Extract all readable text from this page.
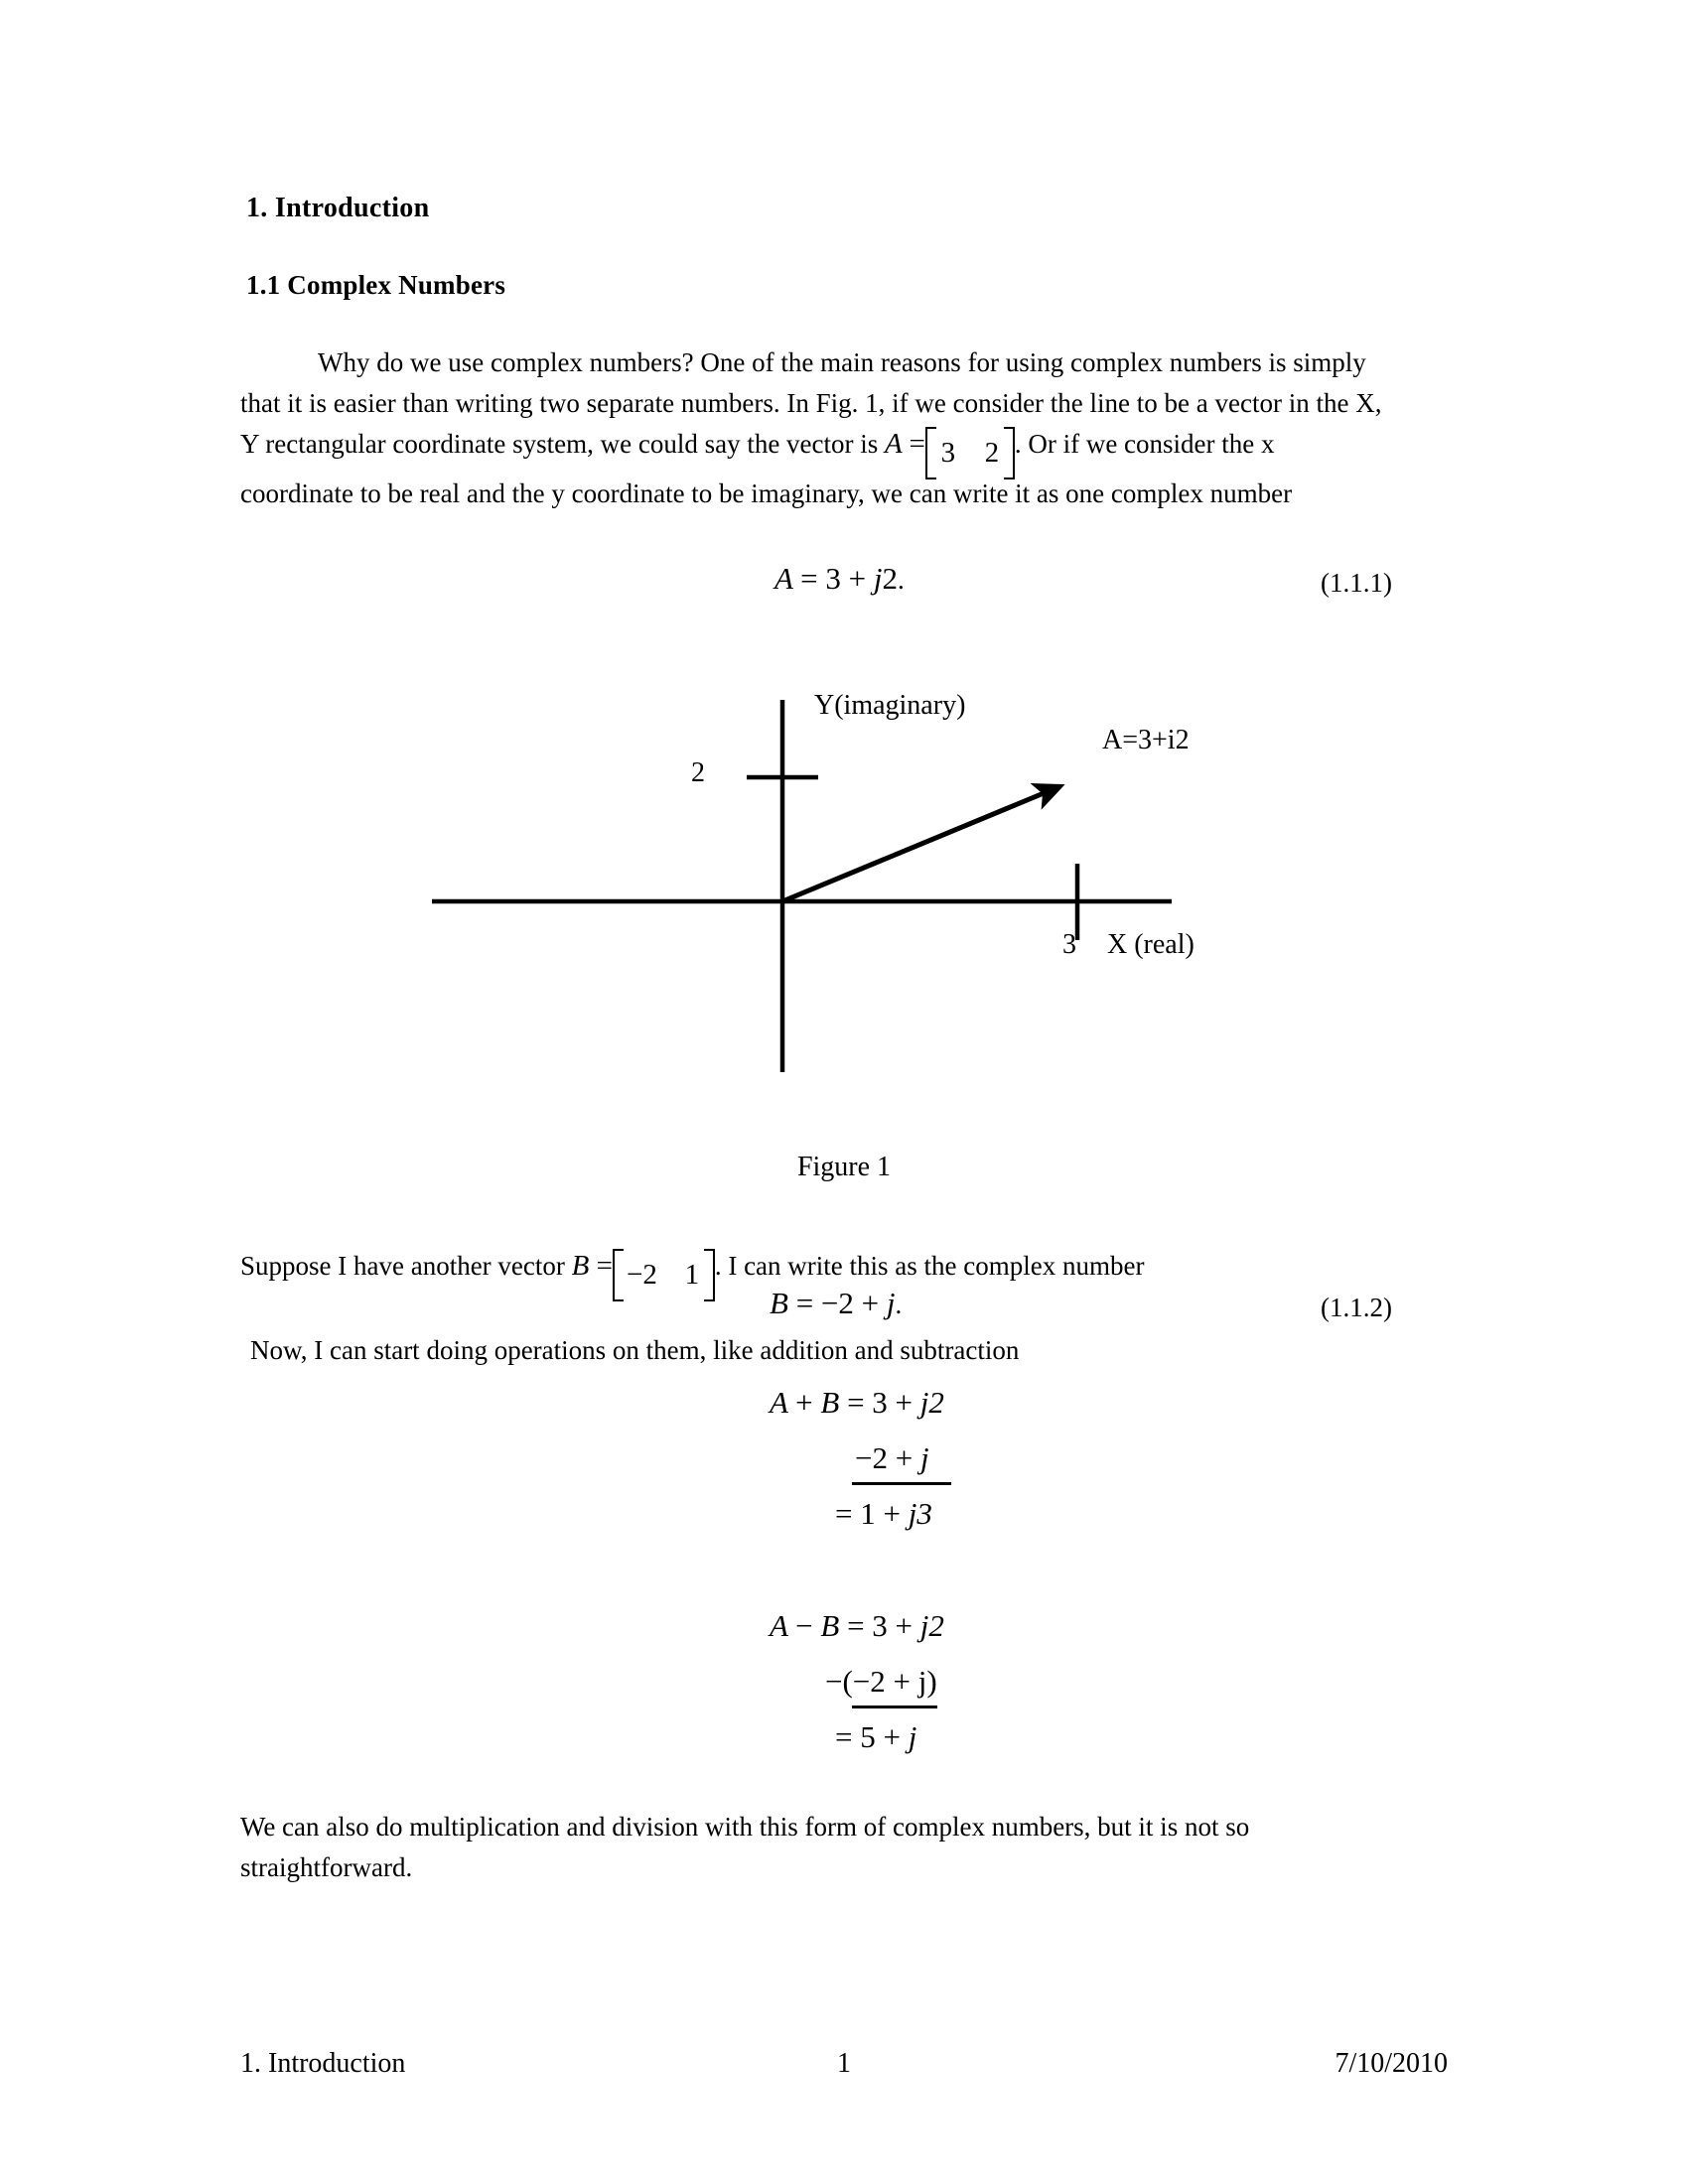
1. Introduction
1.1 Complex Numbers
Why do we use complex numbers? One of the main reasons for using complex numbers is simply that it is easier than writing two separate numbers. In Fig. 1, if we consider the line to be a vector in the X, Y rectangular coordinate system, we could say the vector is A = 3 2 . Or if we consider the x coordinate to be real and the y coordinate to be imaginary, we can write it as one complex number
A = 3 + j2.	(1.1.1)
Y(imaginary)
2
3 X (real)
A=3+i2
Figure 1
Suppose I have another vector B = −2 1 . I can write this as the complex number
B = −2 + j.	(1.1.2)
Now, I can start doing operations on them, like addition and subtraction
A + B = 3 + j2
−2 + j
= 1 + j3
A − B = 3 + j2
−(−2 + j)
= 5 + j
We can also do multiplication and division with this form of complex numbers, but it is not so straightforward.
1. Introduction	1	7/10/2010
